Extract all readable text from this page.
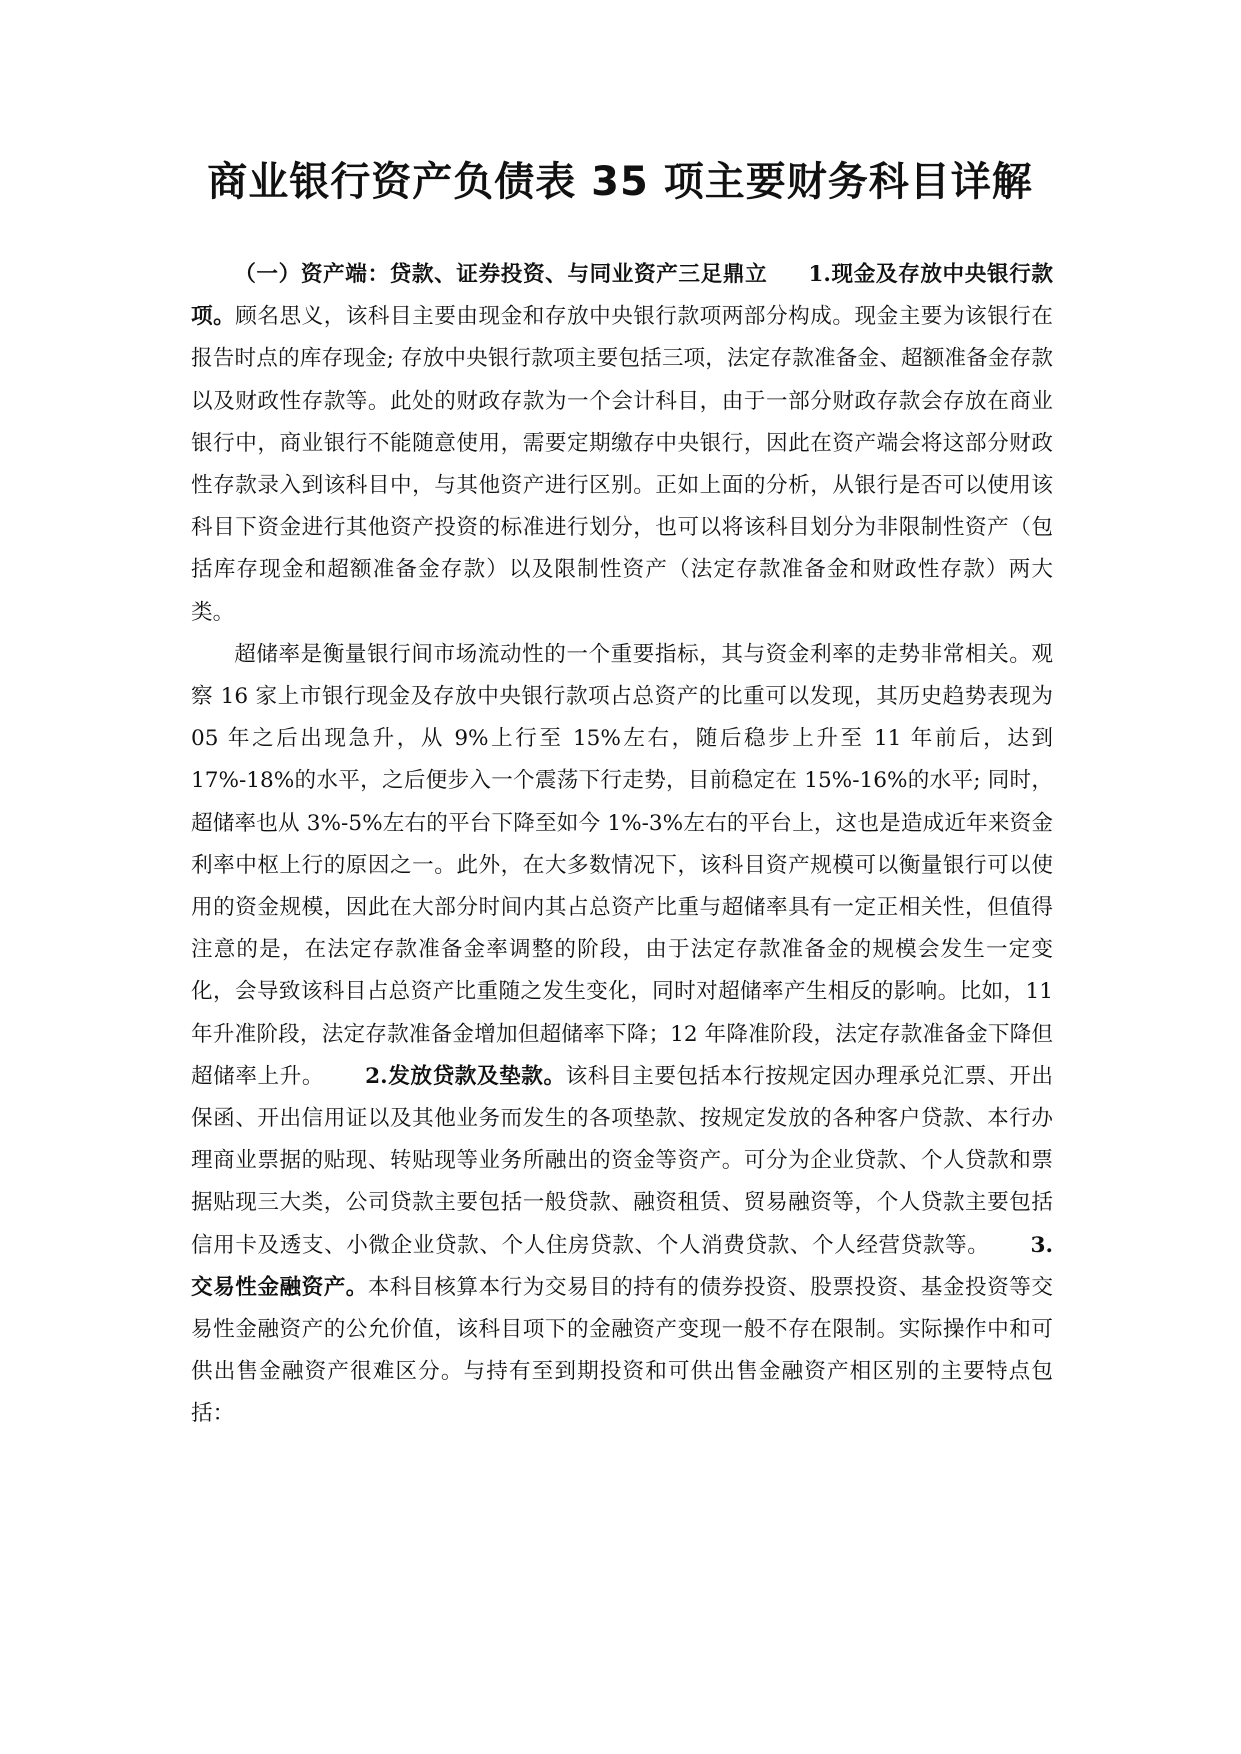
商业银行资产负债表 35 项主要财务科目详解

（一）资产端：贷款、证券投资、与同业资产三足鼎立 1.现金及存放中央银行款项。顾名思义，该科目主要由现金和存放中央银行款项两部分构成。现金主要为该银行在报告时点的库存现金; 存放中央银行款项主要包括三项，法定存款准备金、超额准备金存款以及财政性存款等。此处的财政存款为一个会计科目，由于一部分财政存款会存放在商业银行中，商业银行不能随意使用，需要定期缴存中央银行，因此在资产端会将这部分财政性存款录入到该科目中，与其他资产进行区别。正如上面的分析，从银行是否可以使用该科目下资金进行其他资产投资的标准进行划分，也可以将该科目划分为非限制性资产（包括库存现金和超额准备金存款）以及限制性资产（法定存款准备金和财政性存款）两大类。

超储率是衡量银行间市场流动性的一个重要指标，其与资金利率的走势非常相关。观察 16 家上市银行现金及存放中央银行款项占总资产的比重可以发现，其历史趋势表现为 05 年之后出现急升，从 9%上行至 15%左右，随后稳步上升至 11 年前后，达到 17%-18%的水平，之后便步入一个震荡下行走势，目前稳定在 15%-16%的水平; 同时，超储率也从 3%-5%左右的平台下降至如今 1%-3%左右的平台上，这也是造成近年来资金利率中枢上行的原因之一。此外，在大多数情况下，该科目资产规模可以衡量银行可以使用的资金规模，因此在大部分时间内其占总资产比重与超储率具有一定正相关性，但值得注意的是，在法定存款准备金率调整的阶段，由于法定存款准备金的规模会发生一定变化，会导致该科目占总资产比重随之发生变化，同时对超储率产生相反的影响。比如，11 年升准阶段，法定存款准备金增加但超储率下降；12 年降准阶段，法定存款准备金下降但超储率上升。 2.发放贷款及垫款。该科目主要包括本行按规定因办理承兑汇票、开出保函、开出信用证以及其他业务而发生的各项垫款、按规定发放的各种客户贷款、本行办理商业票据的贴现、转贴现等业务所融出的资金等资产。可分为企业贷款、个人贷款和票据贴现三大类，公司贷款主要包括一般贷款、融资租赁、贸易融资等，个人贷款主要包括信用卡及透支、小微企业贷款、个人住房贷款、个人消费贷款、个人经营贷款等。 3.交易性金融资产。本科目核算本行为交易目的持有的债券投资、股票投资、基金投资等交易性金融资产的公允价值，该科目项下的金融资产变现一般不存在限制。实际操作中和可供出售金融资产很难区分。与持有至到期投资和可供出售金融资产相区别的主要特点包括：
